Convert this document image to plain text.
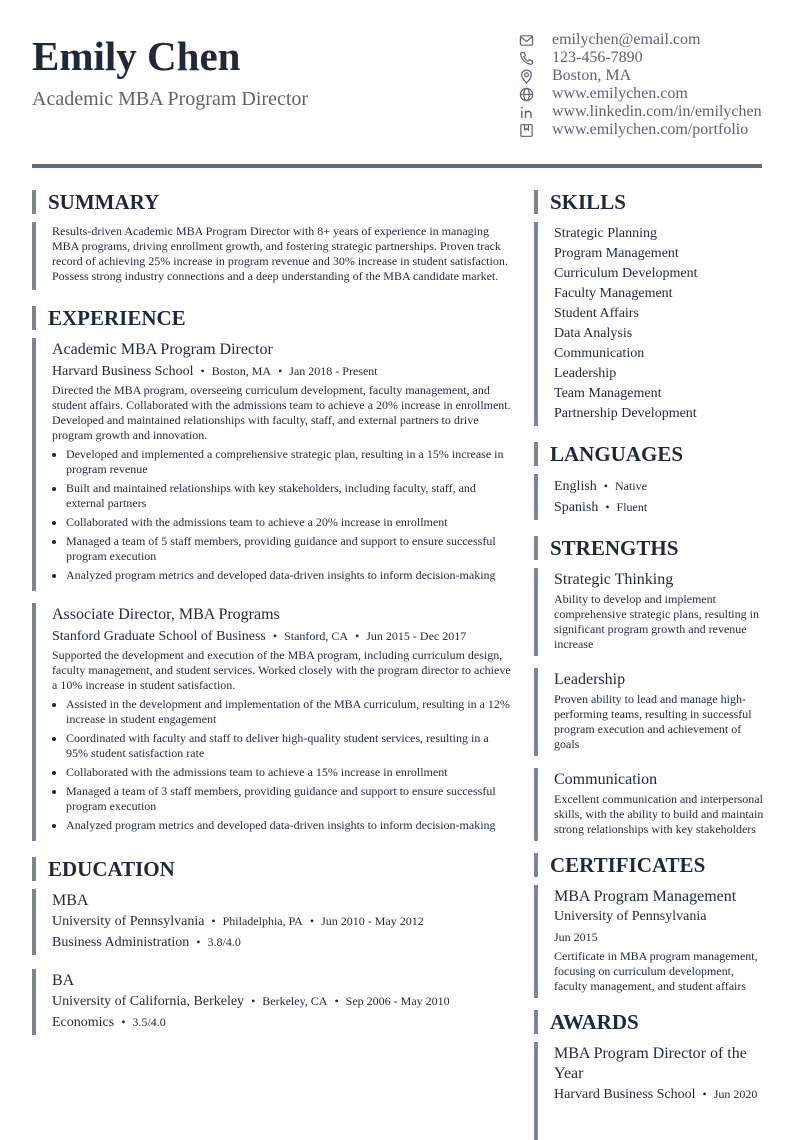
Emily Chen
Academic MBA Program Director
emilychen@email.com
123-456-7890
Boston, MA
www.emilychen.com
www.linkedin.com/in/emilychen
www.emilychen.com/portfolio
SUMMARY
Results-driven Academic MBA Program Director with 8+ years of experience in managing MBA programs, driving enrollment growth, and fostering strategic partnerships. Proven track record of achieving 25% increase in program revenue and 30% increase in student satisfaction. Possess strong industry connections and a deep understanding of the MBA candidate market.
EXPERIENCE
Academic MBA Program Director
Harvard Business School • Boston, MA • Jan 2018 - Present
Directed the MBA program, overseeing curriculum development, faculty management, and student affairs. Collaborated with the admissions team to achieve a 20% increase in enrollment. Developed and maintained relationships with faculty, staff, and external partners to drive program growth and innovation.
• Developed and implemented a comprehensive strategic plan, resulting in a 15% increase in program revenue
• Built and maintained relationships with key stakeholders, including faculty, staff, and external partners
• Collaborated with the admissions team to achieve a 20% increase in enrollment
• Managed a team of 5 staff members, providing guidance and support to ensure successful program execution
• Analyzed program metrics and developed data-driven insights to inform decision-making
Associate Director, MBA Programs
Stanford Graduate School of Business • Stanford, CA • Jun 2015 - Dec 2017
Supported the development and execution of the MBA program, including curriculum design, faculty management, and student services. Worked closely with the program director to achieve a 10% increase in student satisfaction.
• Assisted in the development and implementation of the MBA curriculum, resulting in a 12% increase in student engagement
• Coordinated with faculty and staff to deliver high-quality student services, resulting in a 95% student satisfaction rate
• Collaborated with the admissions team to achieve a 15% increase in enrollment
• Managed a team of 3 staff members, providing guidance and support to ensure successful program execution
• Analyzed program metrics and developed data-driven insights to inform decision-making
EDUCATION
MBA
University of Pennsylvania • Philadelphia, PA • Jun 2010 - May 2012
Business Administration • 3.8/4.0
BA
University of California, Berkeley • Berkeley, CA • Sep 2006 - May 2010
Economics • 3.5/4.0
SKILLS
Strategic Planning
Program Management
Curriculum Development
Faculty Management
Student Affairs
Data Analysis
Communication
Leadership
Team Management
Partnership Development
LANGUAGES
English • Native
Spanish • Fluent
STRENGTHS
Strategic Thinking
Ability to develop and implement comprehensive strategic plans, resulting in significant program growth and revenue increase
Leadership
Proven ability to lead and manage high-performing teams, resulting in successful program execution and achievement of goals
Communication
Excellent communication and interpersonal skills, with the ability to build and maintain strong relationships with key stakeholders
CERTIFICATES
MBA Program Management
University of Pennsylvania
Jun 2015
Certificate in MBA program management, focusing on curriculum development, faculty management, and student affairs
AWARDS
MBA Program Director of the Year
Harvard Business School • Jun 2020
